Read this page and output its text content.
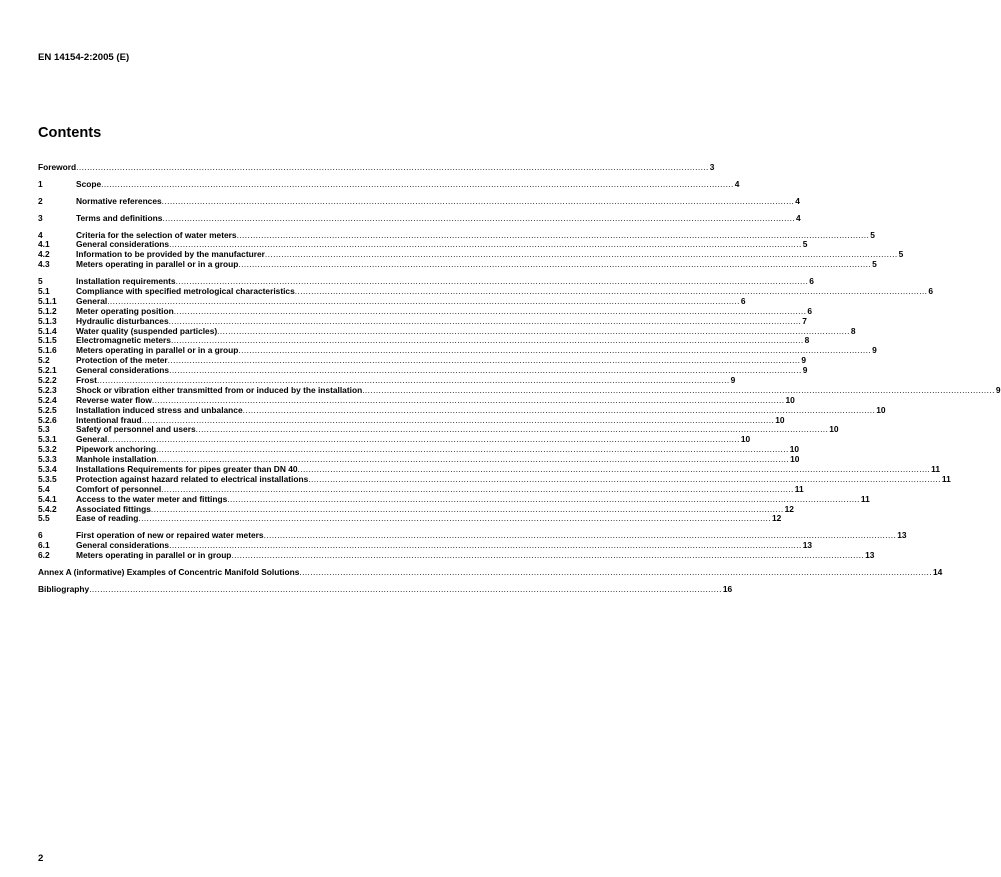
EN 14154-2:2005 (E)
Contents
Foreword .....	3
1	Scope .....	4
2	Normative references .....	4
3	Terms and definitions .....	4
4	Criteria for the selection of water meters .....	5
4.1	General considerations .....	5
4.2	Information to be provided by the manufacturer .....	5
4.3	Meters operating in parallel or in a group .....	5
5	Installation requirements .....	6
5.1	Compliance with specified metrological characteristics .....	6
5.1.1	General .....	6
5.1.2	Meter operating position .....	6
5.1.3	Hydraulic disturbances .....	7
5.1.4	Water quality (suspended particles) .....	8
5.1.5	Electromagnetic meters .....	8
5.1.6	Meters operating in parallel or in a group .....	9
5.2	Protection of the meter .....	9
5.2.1	General considerations .....	9
5.2.2	Frost .....	9
5.2.3	Shock or vibration either transmitted from or induced by the installation .....	9
5.2.4	Reverse water flow .....	10
5.2.5	Installation induced stress and unbalance .....	10
5.2.6	Intentional fraud .....	10
5.3	Safety of personnel and users .....	10
5.3.1	General .....	10
5.3.2	Pipework anchoring .....	10
5.3.3	Manhole installation .....	10
5.3.4	Installations Requirements for pipes greater than DN 40 .....	11
5.3.5	Protection against hazard related to electrical installations .....	11
5.4	Comfort of personnel .....	11
5.4.1	Access to the water meter and fittings .....	11
5.4.2	Associated fittings .....	12
5.5	Ease of reading .....	12
6	First operation of new or repaired water meters .....	13
6.1	General considerations .....	13
6.2	Meters operating in parallel or in group .....	13
Annex A (informative) Examples of Concentric Manifold Solutions .....	14
Bibliography .....	16
2
